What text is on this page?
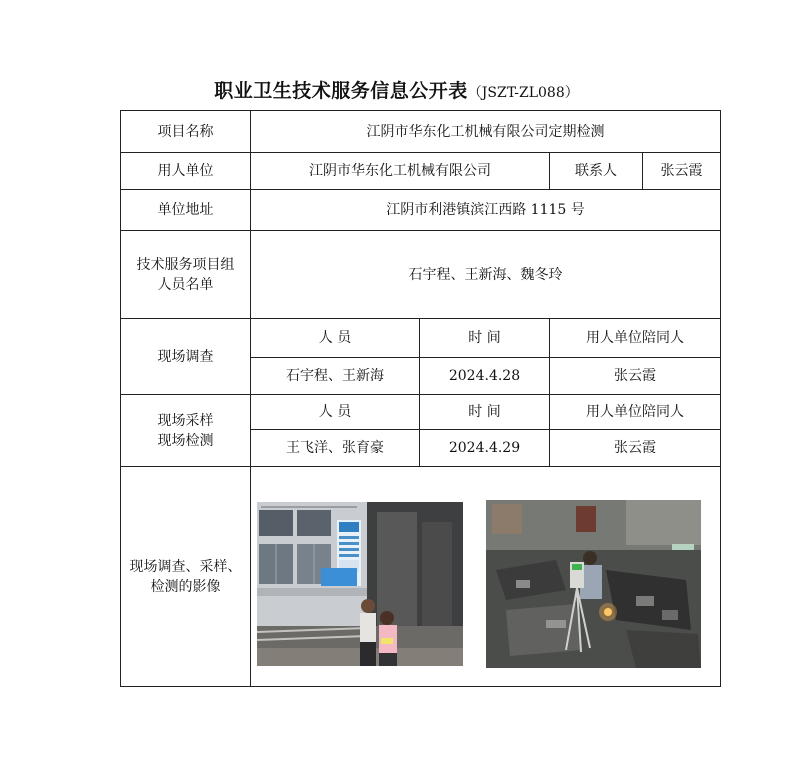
职业卫生技术服务信息公开表（JSZT-ZL088）
项目名称	江阴市华东化工机械有限公司定期检测			
用人单位	江阴市华东化工机械有限公司		联系人	张云霞
单位地址	江阴市利港镇滨江西路 1115 号			

技术服务项目组
人员名单	石宇程、王新海、魏冬玲			
现场调查	人 员	时 间	用人单位陪同人	
	石宇程、王新海	2024.4.28	张云霞	

现场采样
现场检测	人 员	时 间	用人单位陪同人	
	王飞洋、张育豪	2024.4.29	张云霞	

现场调查、采样、
检测的影像
